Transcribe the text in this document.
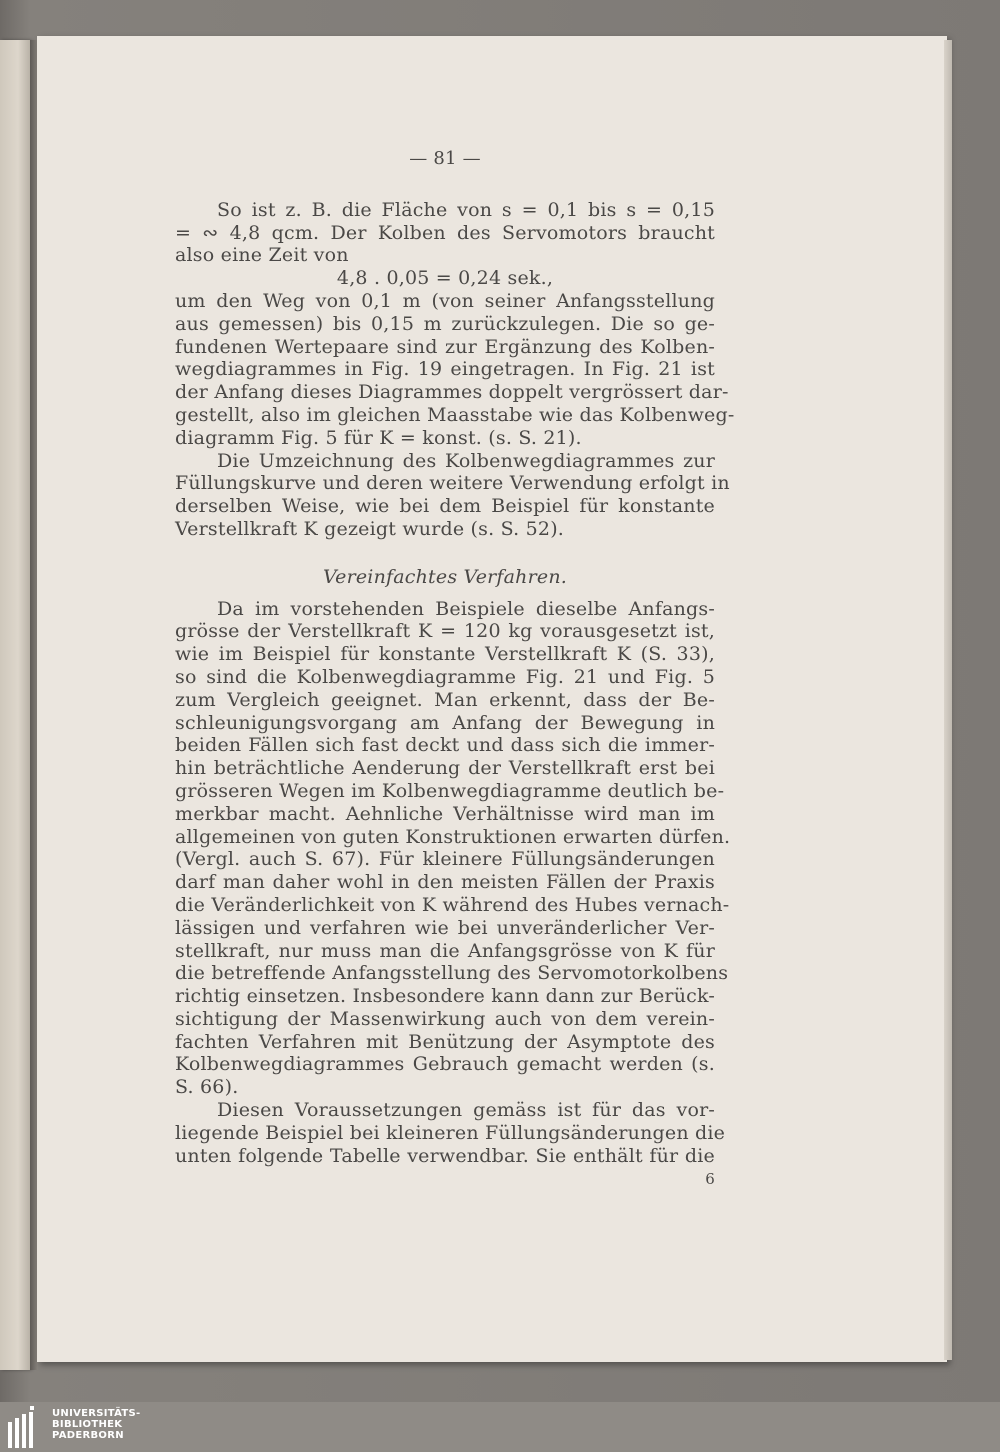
— 81 —

So ist z. B. die Fläche von s = 0,1 bis s = 0,15

= ∾ 4,8 qcm. Der Kolben des Servomotors braucht

also eine Zeit von

4,8 . 0,05 = 0,24 sek.,

um den Weg von 0,1 m (von seiner Anfangsstellung

aus gemessen) bis 0,15 m zurückzulegen. Die so ge-

fundenen Wertepaare sind zur Ergänzung des Kolben-

wegdiagrammes in Fig. 19 eingetragen. In Fig. 21 ist

der Anfang dieses Diagrammes doppelt vergrössert dar-

gestellt, also im gleichen Maasstabe wie das Kolbenweg-

diagramm Fig. 5 für K = konst. (s. S. 21).

Die Umzeichnung des Kolbenwegdiagrammes zur

Füllungskurve und deren weitere Verwendung erfolgt in

derselben Weise, wie bei dem Beispiel für konstante

Verstellkraft K gezeigt wurde (s. S. 52).

Vereinfachtes Verfahren.

Da im vorstehenden Beispiele dieselbe Anfangs-

grösse der Verstellkraft K = 120 kg vorausgesetzt ist,

wie im Beispiel für konstante Verstellkraft K (S. 33),

so sind die Kolbenwegdiagramme Fig. 21 und Fig. 5

zum Vergleich geeignet. Man erkennt, dass der Be-

schleunigungsvorgang am Anfang der Bewegung in

beiden Fällen sich fast deckt und dass sich die immer-

hin beträchtliche Aenderung der Verstellkraft erst bei

grösseren Wegen im Kolbenwegdiagramme deutlich be-

merkbar macht. Aehnliche Verhältnisse wird man im

allgemeinen von guten Konstruktionen erwarten dürfen.

(Vergl. auch S. 67). Für kleinere Füllungsänderungen

darf man daher wohl in den meisten Fällen der Praxis

die Veränderlichkeit von K während des Hubes vernach-

lässigen und verfahren wie bei unveränderlicher Ver-

stellkraft, nur muss man die Anfangsgrösse von K für

die betreffende Anfangsstellung des Servomotorkolbens

richtig einsetzen. Insbesondere kann dann zur Berück-

sichtigung der Massenwirkung auch von dem verein-

fachten Verfahren mit Benützung der Asymptote des

Kolbenwegdiagrammes Gebrauch gemacht werden (s.

S. 66).

Diesen Voraussetzungen gemäss ist für das vor-

liegende Beispiel bei kleineren Füllungsänderungen die

unten folgende Tabelle verwendbar. Sie enthält für die

6

UNIVERSITÄTS-
BIBLIOTHEK
PADERBORN
